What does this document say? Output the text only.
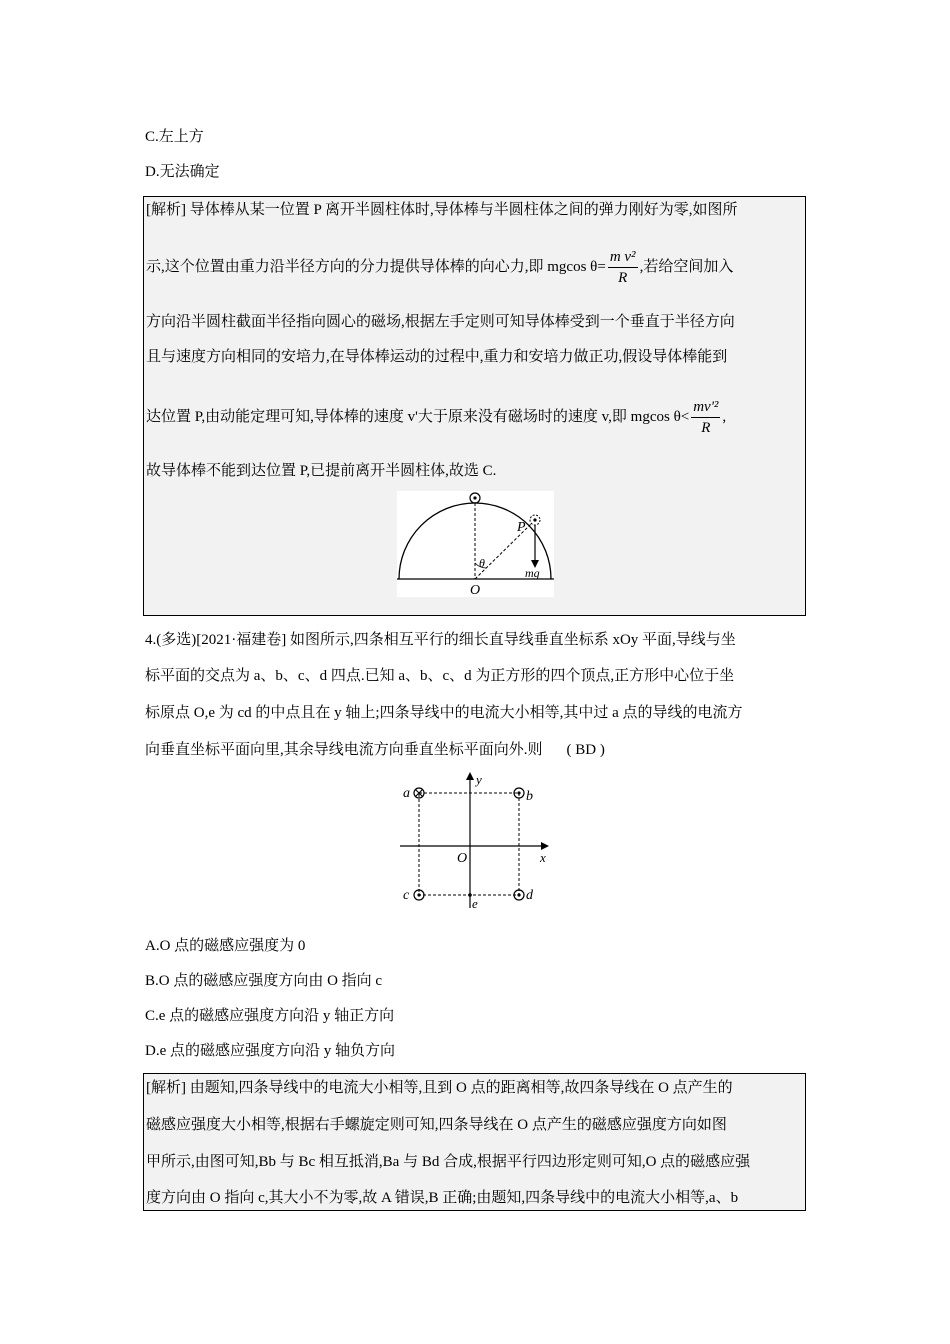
C.左上方
D.无法确定
[解析] 导体棒从某一位置 P 离开半圆柱体时,导体棒与半圆柱体之间的弹力刚好为零,如图所
示,这个位置由重力沿半径方向的分力提供导体棒的向心力,即 mgcos $\theta= \frac{\text{m v²}}{R}$ ,若给空间加入
方向沿半圆柱截面半径指向圆心的磁场,根据左手定则可知导体棒受到一个垂直于半径方向
且与速度方向相同的安培力,在导体棒运动的过程中,重力和安培力做正功,假设导体棒能到
达位置 P,由动能定理可知,导体棒的速度 v'大于原来没有磁场时的速度 v,即 mgcos $\theta< \frac{\text{mv'²}}{R}$ ,
故导体棒不能到达位置 P,已提前离开半圆柱体,故选 C.
P
θ
mg
O
4.(多选)[2021·福建卷] 如图所示,四条相互平行的细长直导线垂直坐标系 xOy 平面,导线与坐
标平面的交点为 a、b、c、d 四点.已知 a、b、c、d 为正方形的四个顶点,正方形中心位于坐
标原点 O,e 为 cd 的中点且在 y 轴上;四条导线中的电流大小相等,其中过 a 点的导线的电流方
向垂直坐标平面向里,其余导线电流方向垂直坐标平面向外.则 ( BD )
a	b
c	d
e
O	x
y
A.O 点的磁感应强度为 0
B.O 点的磁感应强度方向由 O 指向 c
C.e 点的磁感应强度方向沿 y 轴正方向
D.e 点的磁感应强度方向沿 y 轴负方向
[解析] 由题知,四条导线中的电流大小相等,且到 O 点的距离相等,故四条导线在 O 点产生的
磁感应强度大小相等,根据右手螺旋定则可知,四条导线在 O 点产生的磁感应强度方向如图
甲所示,由图可知,Bb 与 Bc 相互抵消,Ba 与 Bd 合成,根据平行四边形定则可知,O 点的磁感应强
度方向由 O 指向 c,其大小不为零,故 A 错误,B 正确;由题知,四条导线中的电流大小相等,a、b
